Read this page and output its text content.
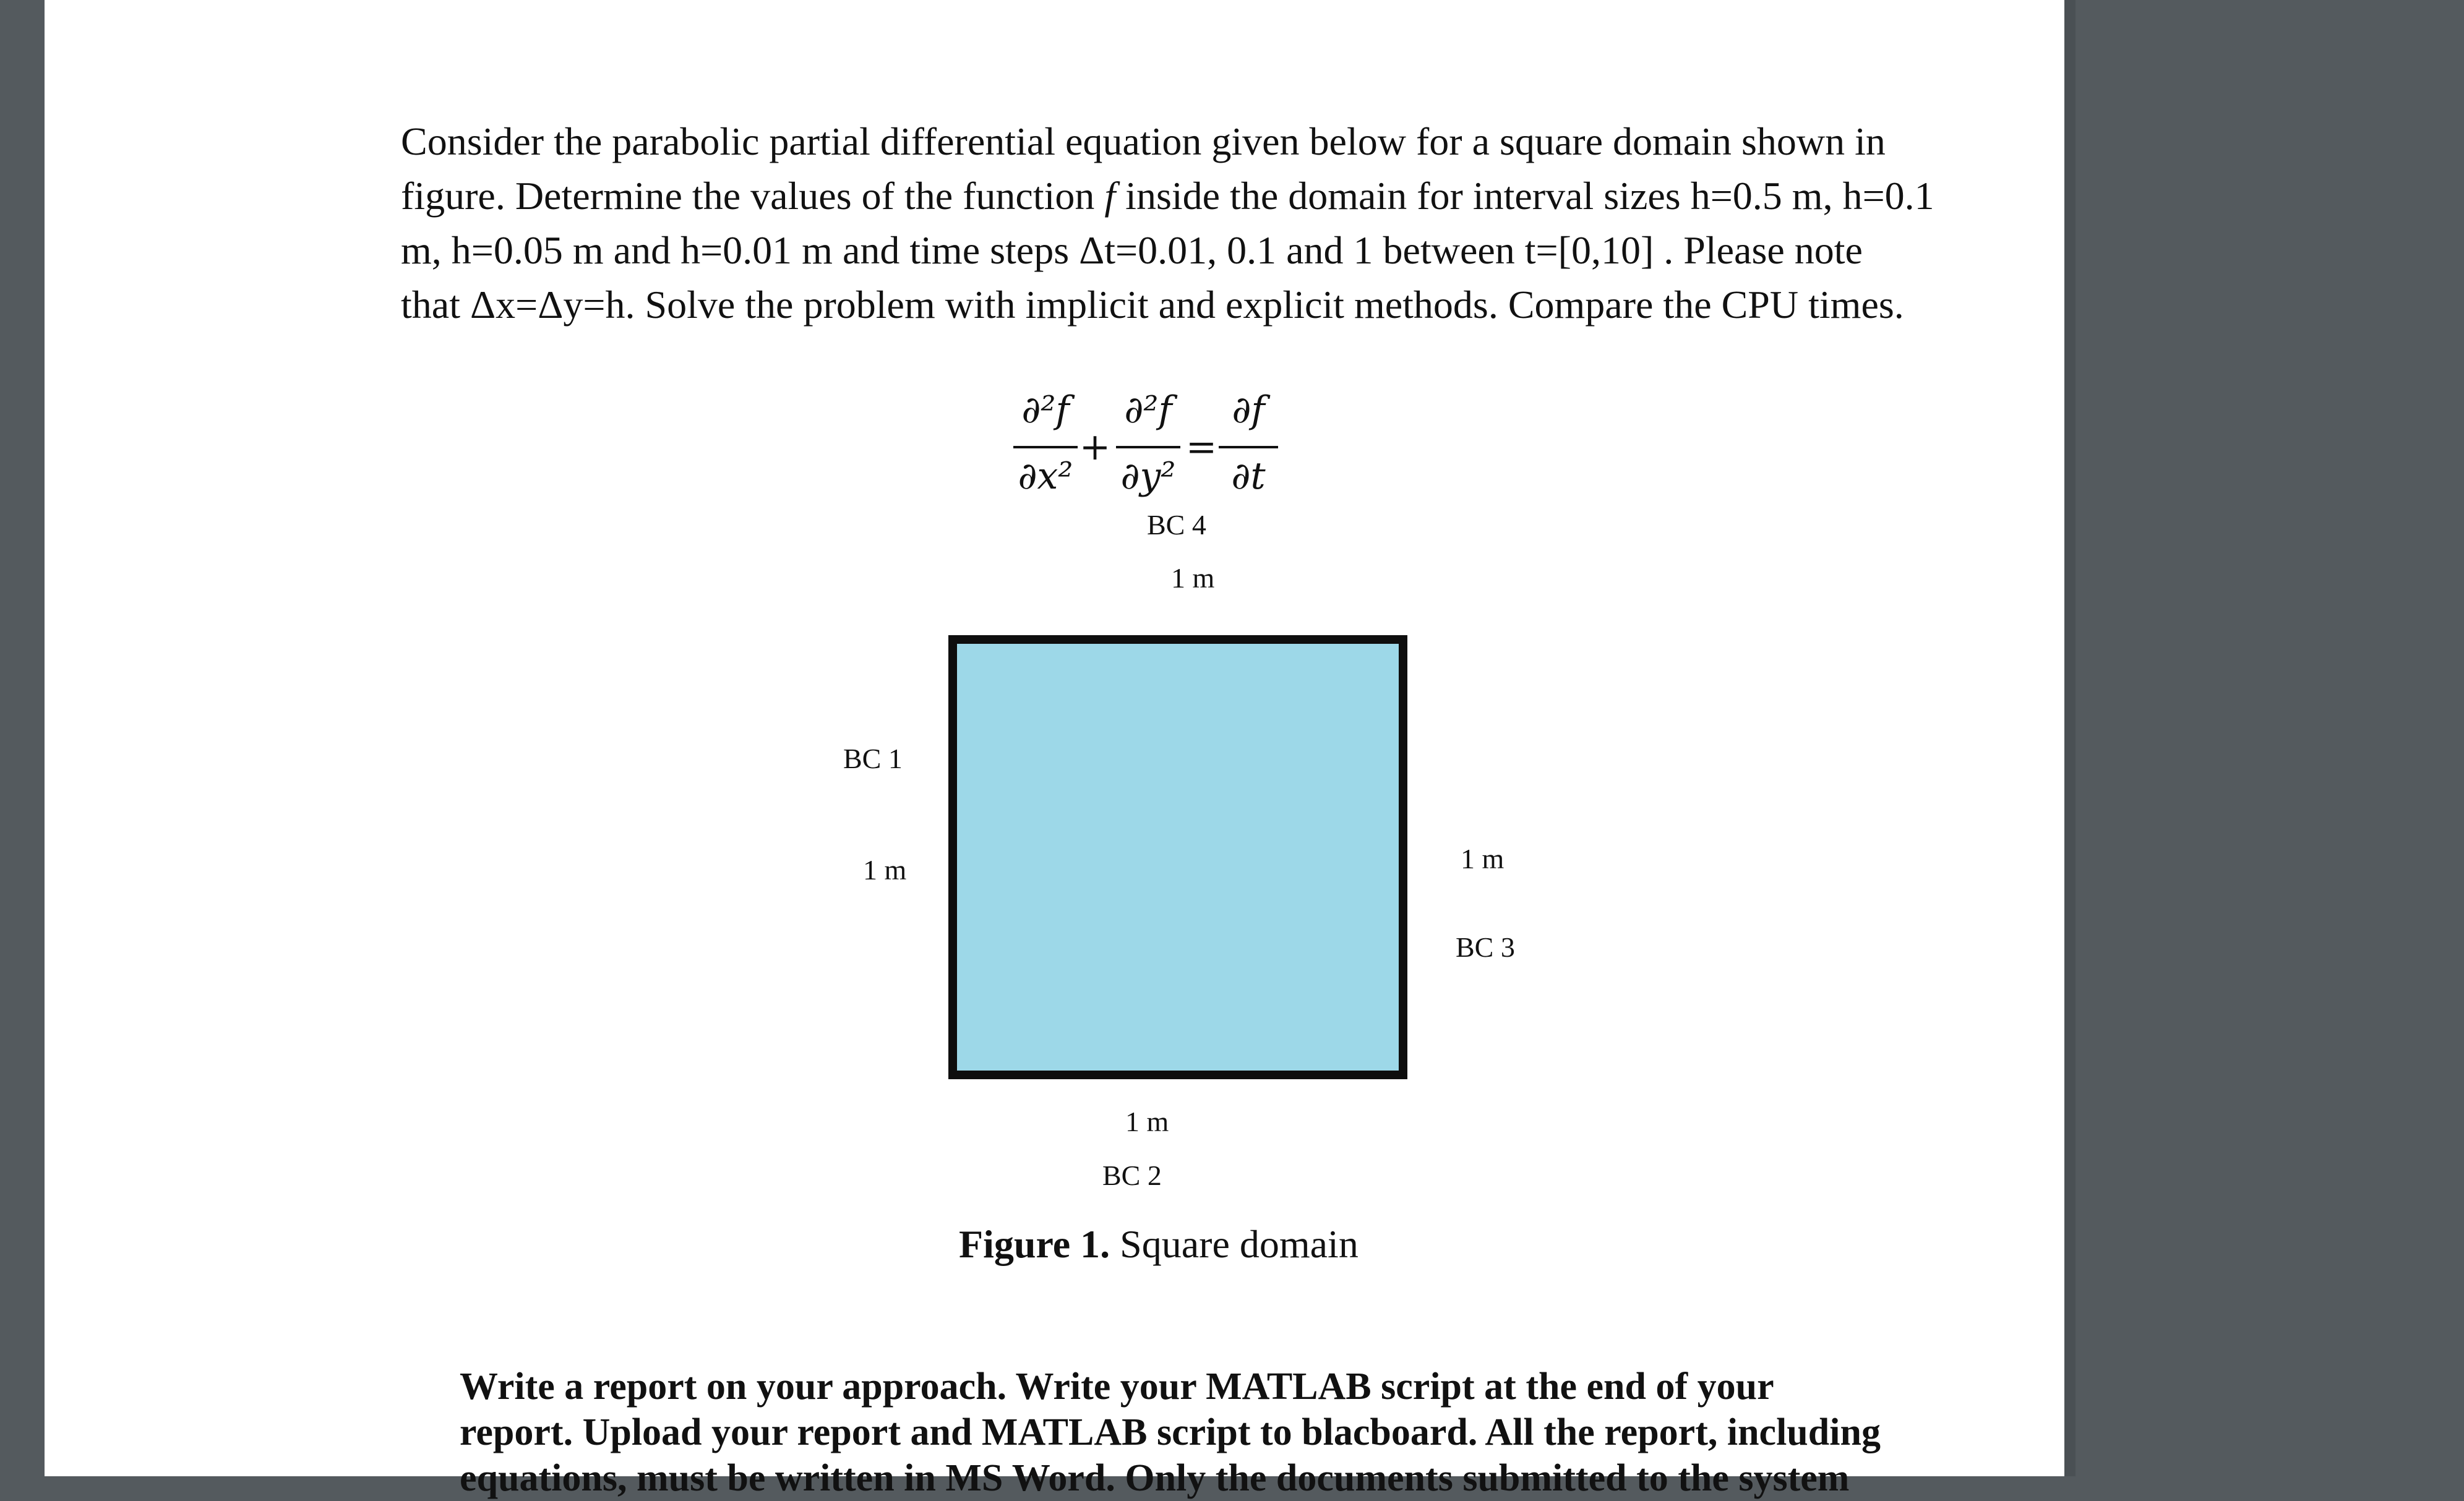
Consider the parabolic partial differential equation given below for a square domain shown in
figure. Determine the values of the function f inside the domain for interval sizes h=0.5 m, h=0.1
m, h=0.05 m and h=0.01 m and time steps Δt=0.01, 0.1 and 1 between t=[0,10] . Please note
that Δx=Δy=h. Solve the problem with implicit and explicit methods. Compare the CPU times.
∂²f
∂x²
+
∂²f
∂y²
=
∂f
∂t
BC 4
1 m
BC 1
1 m	1 m
BC 3
1 m
BC 2
Figure 1. Square domain
Write a report on your approach. Write your MATLAB script at the end of your
report. Upload your report and MATLAB script to blacboard. All the report, including
equations, must be written in MS Word. Only the documents submitted to the system
